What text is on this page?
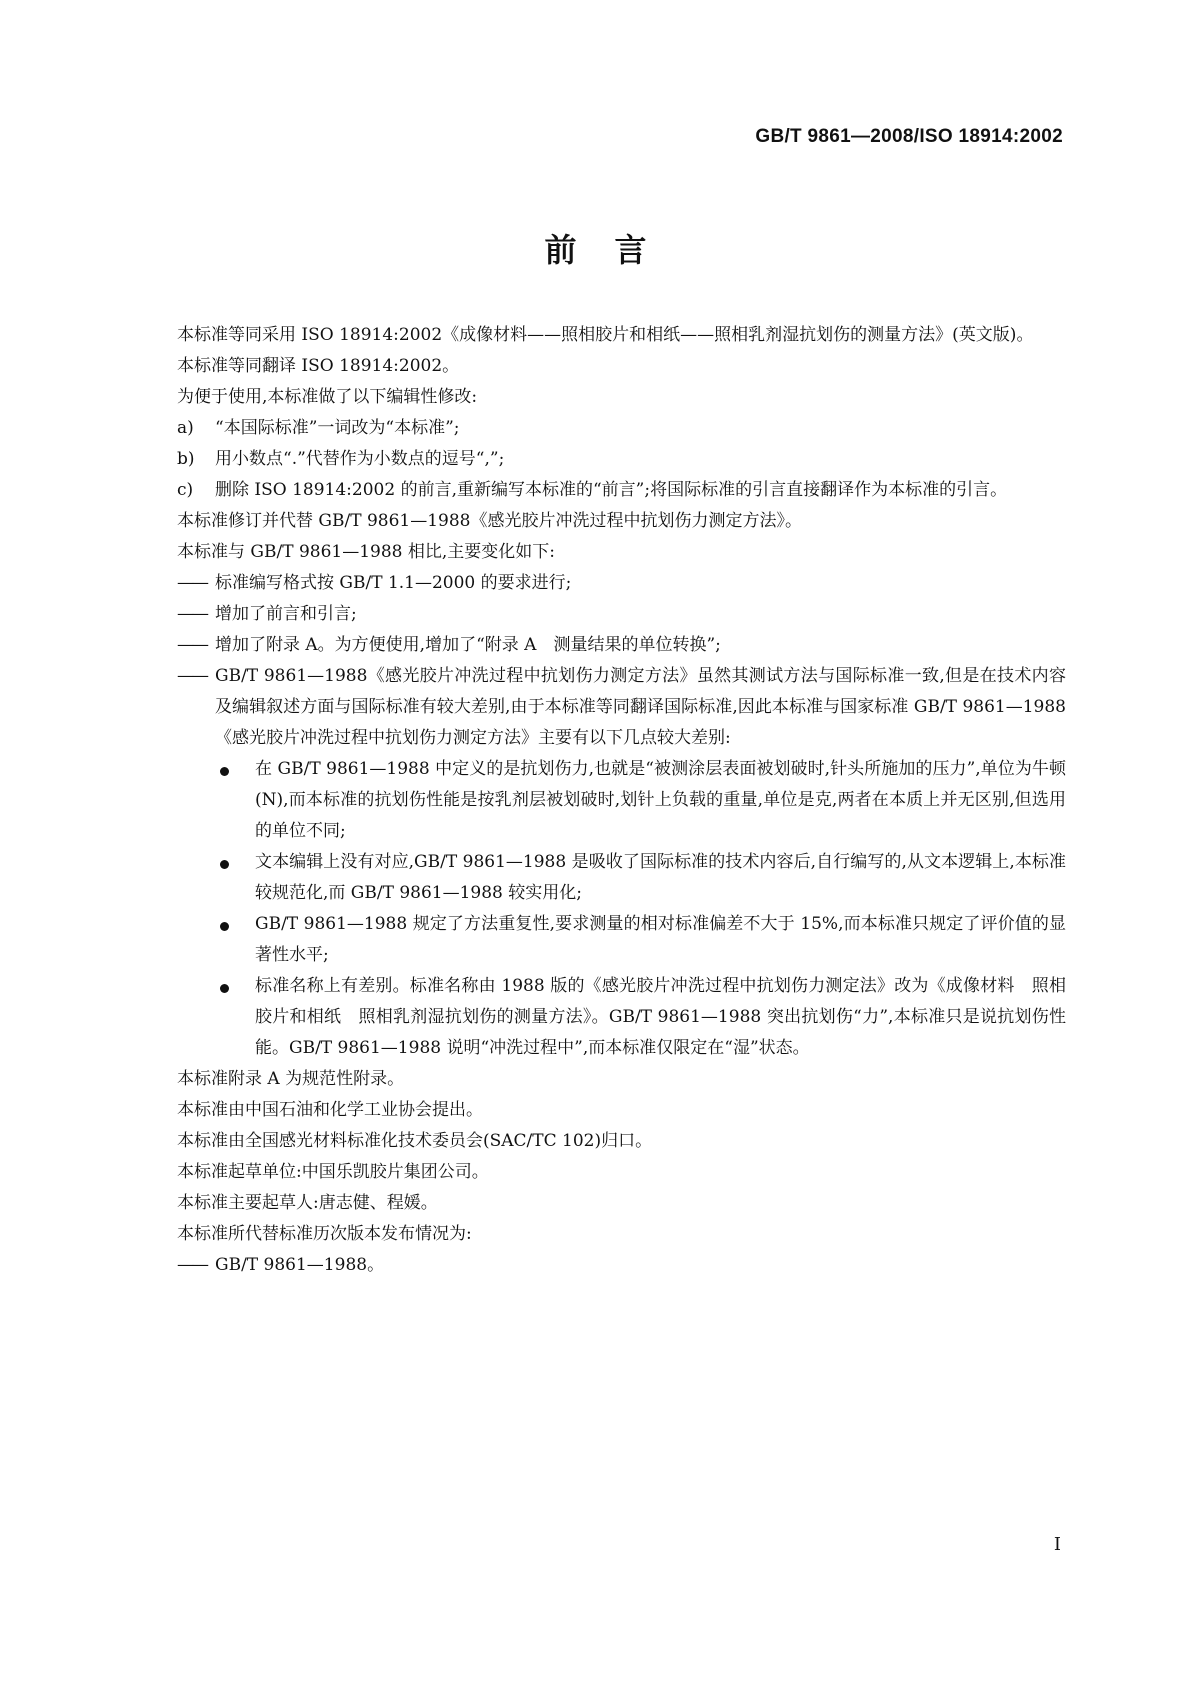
GB/T 9861—2008/ISO 18914:2002
前言

本标准等同采用 ISO 18914:2002《成像材料——照相胶片和相纸——照相乳剂湿抗划伤的测量方法》(英文版)。

本标准等同翻译 ISO 18914:2002。

为便于使用,本标准做了以下编辑性修改:

a) “本国际标准”一词改为“本标准”;
b) 用小数点“.”代替作为小数点的逗号“,”;
c) 删除 ISO 18914:2002 的前言,重新编写本标准的“前言”;将国际标准的引言直接翻译作为本标准的引言。

本标准修订并代替 GB/T 9861—1988《感光胶片冲洗过程中抗划伤力测定方法》。

本标准与 GB/T 9861—1988 相比,主要变化如下:

—— 标准编写格式按 GB/T 1.1—2000 的要求进行;
—— 增加了前言和引言;
—— 增加了附录 A。为方便使用,增加了“附录 A　测量结果的单位转换”;
—— GB/T 9861—1988《感光胶片冲洗过程中抗划伤力测定方法》虽然其测试方法与国际标准一致,但是在技术内容及编辑叙述方面与国际标准有较大差别,由于本标准等同翻译国际标准,因此本标准与国家标准 GB/T 9861—1988《感光胶片冲洗过程中抗划伤力测定方法》主要有以下几点较大差别:
在 GB/T 9861—1988 中定义的是抗划伤力,也就是“被测涂层表面被划破时,针头所施加的压力”,单位为牛顿(N),而本标准的抗划伤性能是按乳剂层被划破时,划针上负载的重量,单位是克,两者在本质上并无区别,但选用的单位不同;
文本编辑上没有对应,GB/T 9861—1988 是吸收了国际标准的技术内容后,自行编写的,从文本逻辑上,本标准较规范化,而 GB/T 9861—1988 较实用化;
GB/T 9861—1988 规定了方法重复性,要求测量的相对标准偏差不大于 15%,而本标准只规定了评价值的显著性水平;
标准名称上有差别。标准名称由 1988 版的《感光胶片冲洗过程中抗划伤力测定法》改为《成像材料　照相胶片和相纸　照相乳剂湿抗划伤的测量方法》。GB/T 9861—1988 突出抗划伤“力”,本标准只是说抗划伤性能。GB/T 9861—1988 说明“冲洗过程中”,而本标准仅限定在“湿”状态。

本标准附录 A 为规范性附录。

本标准由中国石油和化学工业协会提出。

本标准由全国感光材料标准化技术委员会(SAC/TC 102)归口。

本标准起草单位:中国乐凯胶片集团公司。

本标准主要起草人:唐志健、程媛。

本标准所代替标准历次版本发布情况为:

—— GB/T 9861—1988。
I
